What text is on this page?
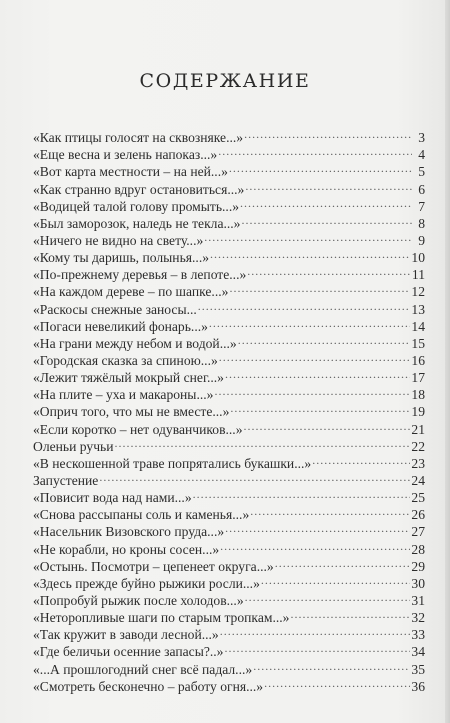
СОДЕРЖАНИЕ
«Как птицы голосят на сквозняке...» .....	3
«Еще весна и зелень напоказ...» .....	4
«Вот карта местности – на ней...» .....	5
«Как странно вдруг остановиться...» .....	6
«Водицей талой голову промыть...» .....	7
«Был заморозок, наледь не текла...» .....	8
«Ничего не видно на свету...» .....	9
«Кому ты даришь, полынья...» .....	10
«По-прежнему деревья – в лепоте...» .....	11
«На каждом дереве – по шапке...» .....	12
«Раскосы снежные заносы... .....	13
«Погаси невеликий фонарь...» .....	14
«На грани между небом и водой...» .....	15
«Городская сказка за спиною...» .....	16
«Лежит тяжёлый мокрый снег...» .....	17
«На плите – уха и макароны...» .....	18
«Оприч того, что мы не вместе...» .....	19
«Если коротко – нет одуванчиков...» .....	21
Оленьи ручьи .....	22
«В нескошенной траве попрятались букашки...» .....	23
Запустение .....	24
«Повисит вода над нами...» .....	25
«Снова рассыпаны соль и каменья...» .....	26
«Насельник Визовского пруда...» .....	27
«Не корабли, но кроны сосен...» .....	28
«Остынь. Посмотри – цепенеет округа...» .....	29
«Здесь прежде буйно рыжики росли...» .....	30
«Попробуй рыжик после холодов...» .....	31
«Неторопливые шаги по старым тропкам...» .....	32
«Так кружит в заводи лесной...» .....	33
«Где беличьи осенние запасы?..» .....	34
«...А прошлогодний снег всё падал...» .....	35
«Смотреть бесконечно – работу огня...» .....	36
